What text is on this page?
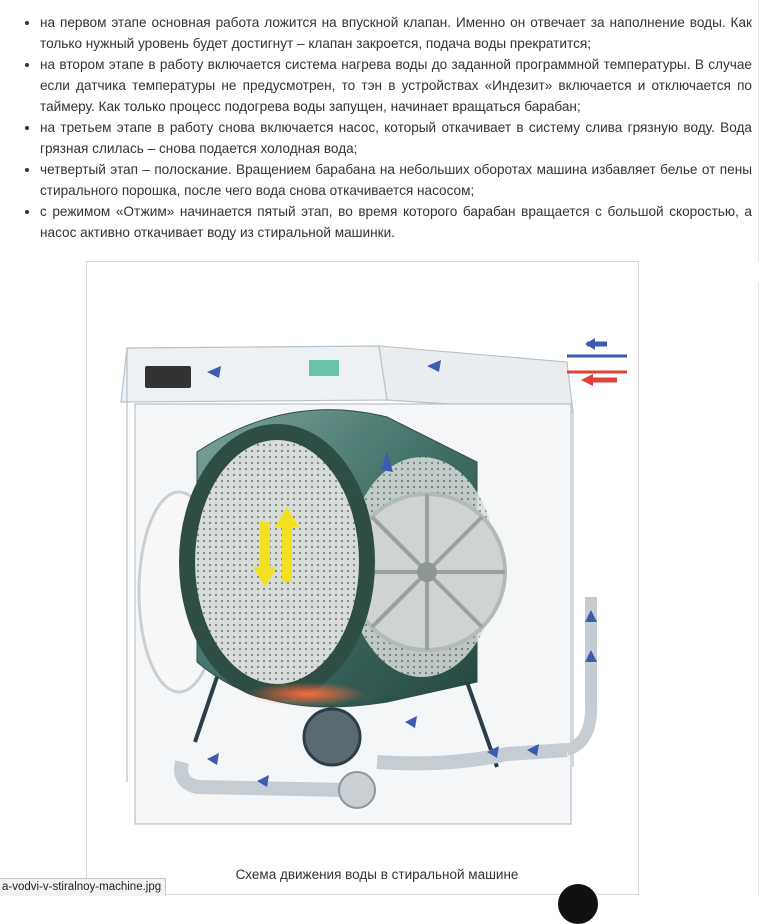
• на первом этапе основная работа ложится на впускной клапан. Именно он отвечает за наполнение воды. Как только нужный уровень будет достигнут – клапан закроется, подача воды прекратится;
• на втором этапе в работу включается система нагрева воды до заданной программной температуры. В случае если датчика температуры не предусмотрен, то тэн в устройствах «Индезит» включается и отключается по таймеру. Как только процесс подогрева воды запущен, начинает вращаться барабан;
• на третьем этапе в работу снова включается насос, который откачивает в систему слива грязную воду. Вода грязная слилась – снова подается холодная вода;
• четвертый этап – полоскание. Вращением барабана на небольших оборотах машина избавляет белье от пены стирального порошка, после чего вода снова откачивается насосом;
• с режимом «Отжим» начинается пятый этап, во время которого барабан вращается с большой скоростью, а насос активно откачивает воду из стиральной машинки.
Схема движения воды в стиральной машине
a-vodvi-v-stiralnoy-machine.jpg
